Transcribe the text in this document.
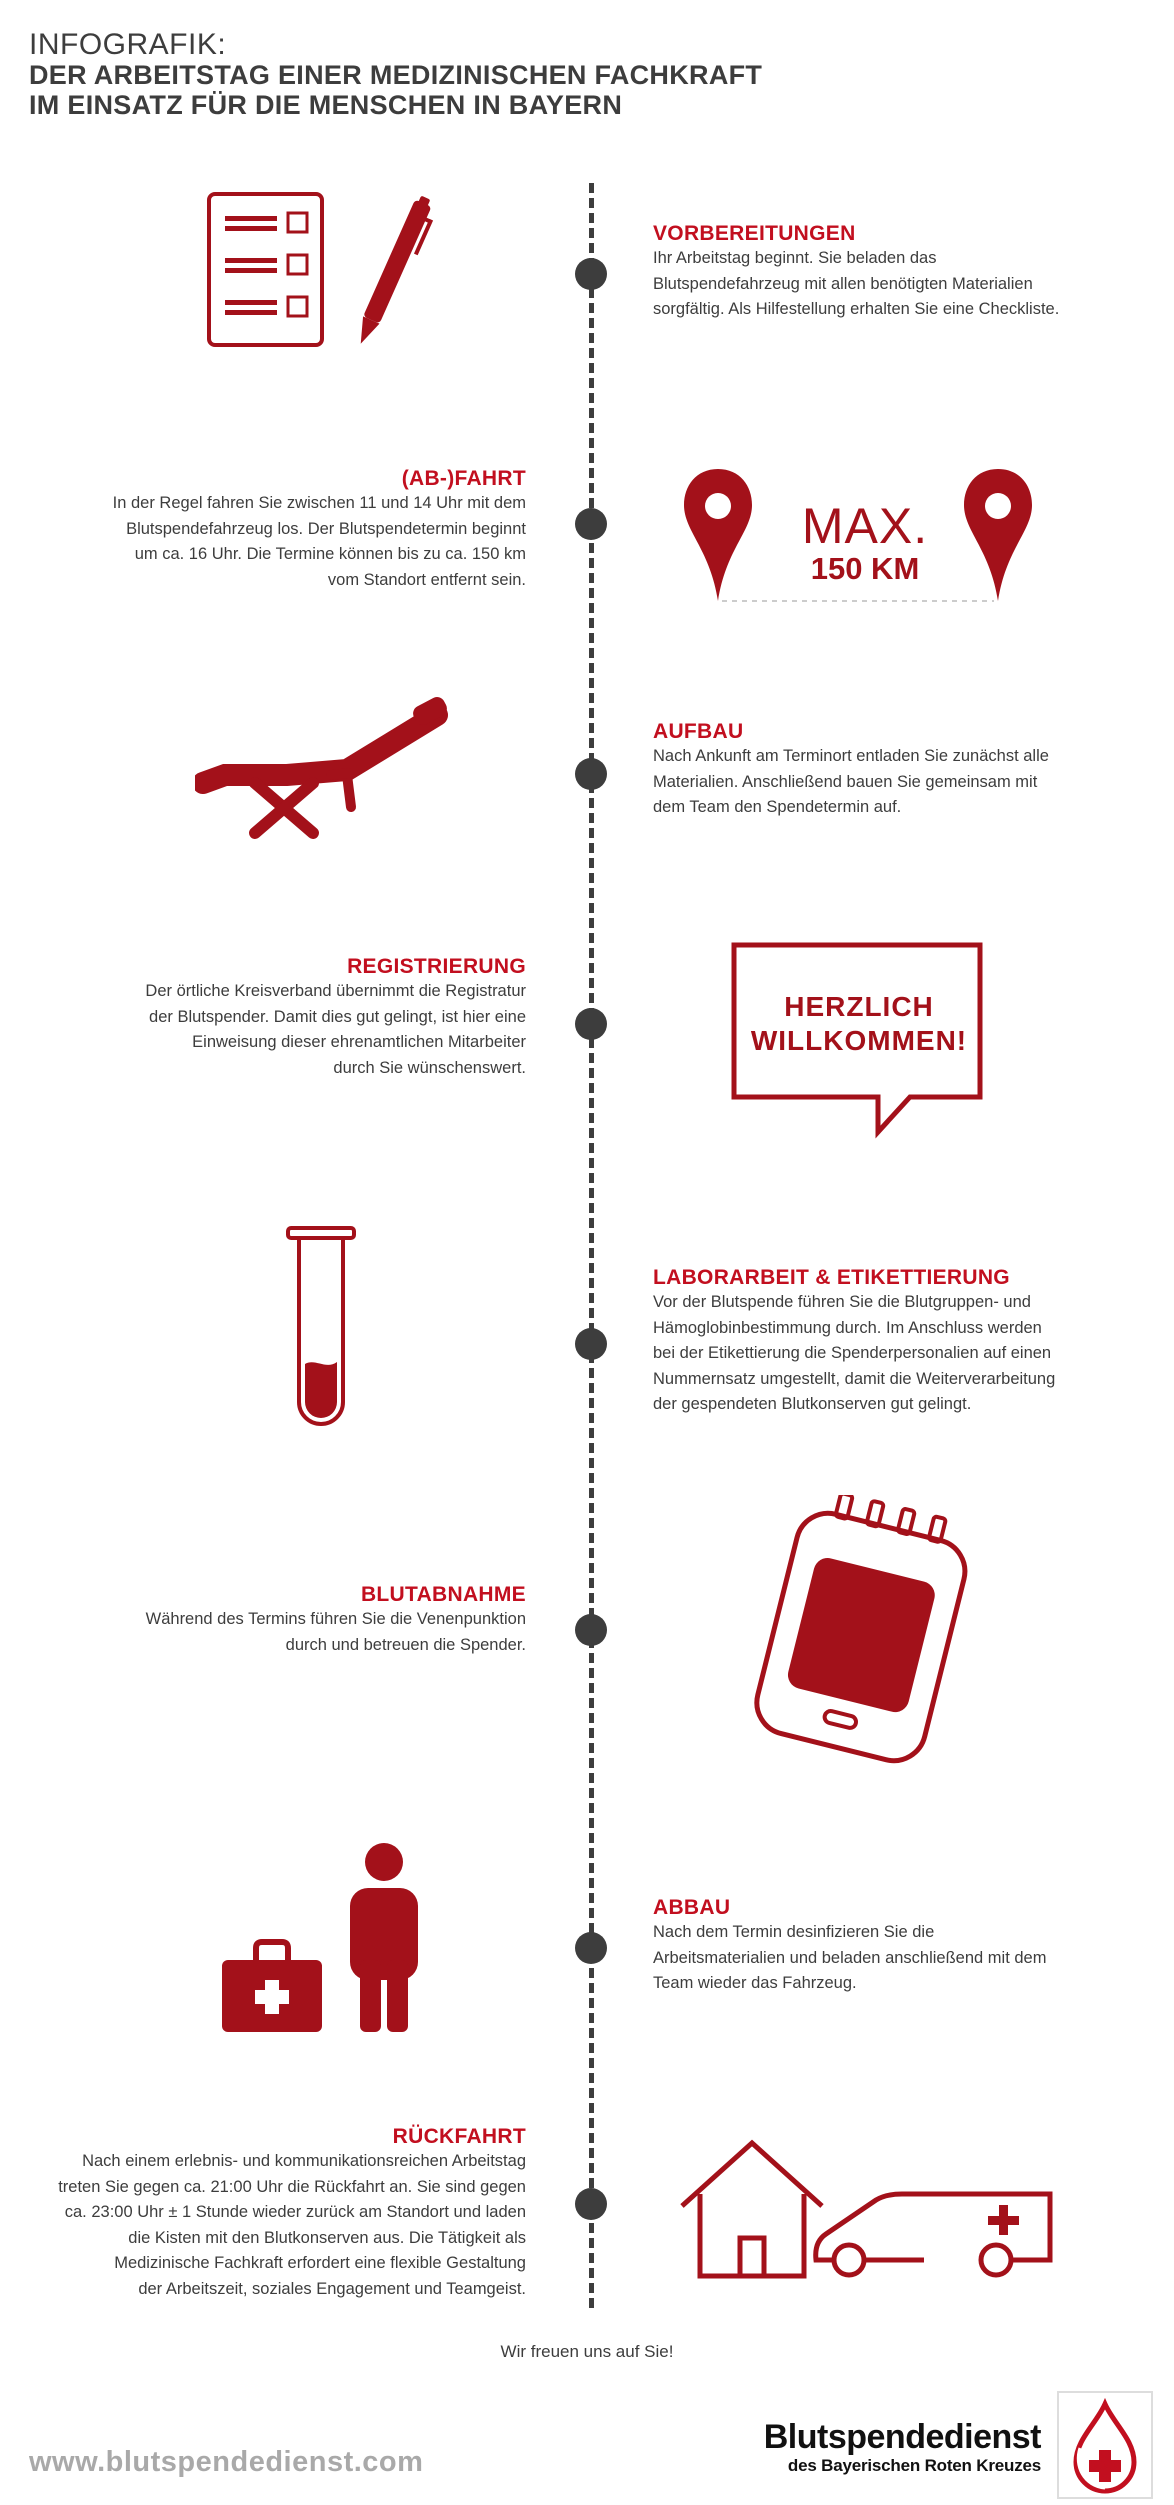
INFOGRAFIK:
DER ARBEITSTAG EINER MEDIZINISCHEN FACHKRAFT
IM EINSATZ FÜR DIE MENSCHEN IN BAYERN
VORBEREITUNGEN

Ihr Arbeitstag beginnt. Sie beladen das
Blutspendefahrzeug mit allen benötigten Materialien
sorgfältig. Als Hilfestellung erhalten Sie eine Checkliste.

(AB-)FAHRT

In der Regel fahren Sie zwischen 11 und 14 Uhr mit dem
Blutspendefahrzeug los. Der Blutspendetermin beginnt
um ca. 16 Uhr. Die Termine können bis zu ca. 150 km
vom Standort entfernt sein.

MAX.
150 KM
AUFBAU

Nach Ankunft am Terminort entladen Sie zunächst alle
Materialien. Anschließend bauen Sie gemeinsam mit
dem Team den Spendetermin auf.

REGISTRIERUNG

Der örtliche Kreisverband übernimmt die Registratur
der Blutspender. Damit dies gut gelingt, ist hier eine
Einweisung dieser ehrenamtlichen Mitarbeiter
durch Sie wünschenswert.

HERZLICH
WILLKOMMEN!
LABORARBEIT & ETIKETTIERUNG

Vor der Blutspende führen Sie die Blutgruppen- und
Hämoglobinbestimmung durch. Im Anschluss werden
bei der Etikettierung die Spenderpersonalien auf einen
Nummernsatz umgestellt, damit die Weiterverarbeitung
der gespendeten Blutkonserven gut gelingt.

BLUTABNAHME

Während des Termins führen Sie die Venenpunktion
durch und betreuen die Spender.

ABBAU

Nach dem Termin desinfizieren Sie die
Arbeitsmaterialien und beladen anschließend mit dem
Team wieder das Fahrzeug.

RÜCKFAHRT

Nach einem erlebnis- und kommunikationsreichen Arbeitstag
treten Sie gegen ca. 21:00 Uhr die Rückfahrt an. Sie sind gegen
ca. 23:00 Uhr ± 1 Stunde wieder zurück am Standort und laden
die Kisten mit den Blutkonserven aus. Die Tätigkeit als
Medizinische Fachkraft erfordert eine flexible Gestaltung
der Arbeitszeit, soziales Engagement und Teamgeist.

Wir freuen uns auf Sie!
www.blutspendedienst.com
Blutspendedienst
des Bayerischen Roten Kreuzes
